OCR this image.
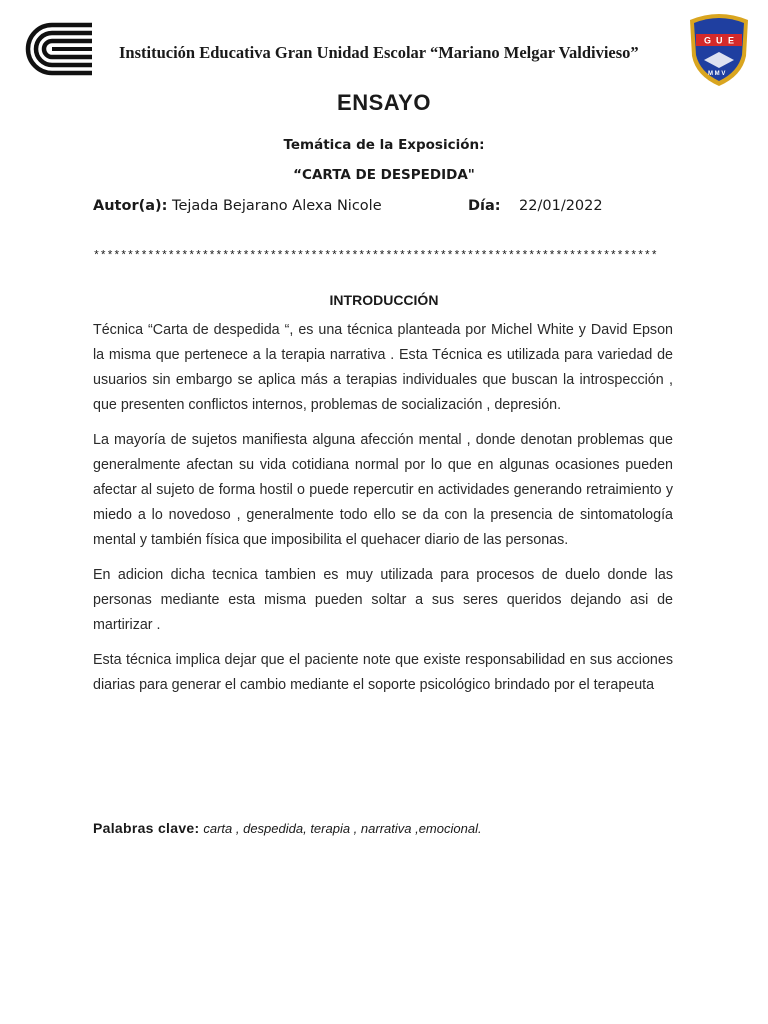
Institución Educativa Gran Unidad Escolar “Mariano Melgar Valdivieso”
G U E
M M V
ENSAYO
Temática de la Exposición:
“CARTA DE DESPEDIDA"
Autor(a): Tejada Bejarano Alexa Nicole	Día: 22/01/2022
***********************************************************************************
INTRODUCCIÓN

Técnica “Carta de despedida “, es una técnica planteada por Michel White y David Epson la misma que pertenece a la terapia narrativa . Esta Técnica es utilizada para variedad de usuarios sin embargo se aplica más a terapias individuales que buscan la introspección , que presenten conflictos internos, problemas de socialización , depresión.

La mayoría de sujetos manifiesta alguna afección mental , donde denotan problemas que generalmente afectan su vida cotidiana normal por lo que en algunas ocasiones pueden afectar al sujeto de forma hostil o puede repercutir en actividades generando retraimiento y miedo a lo novedoso , generalmente todo ello se da con la presencia de sintomatología mental y también física que imposibilita el quehacer diario de las personas.

En adicion dicha tecnica tambien es muy utilizada para procesos de duelo donde las personas mediante esta misma pueden soltar a sus seres queridos dejando asi de martirizar .

Esta técnica implica dejar que el paciente note que existe responsabilidad en sus acciones diarias para generar el cambio mediante el soporte psicológico brindado por el terapeuta

Palabras clave: carta , despedida, terapia , narrativa ,emocional.
